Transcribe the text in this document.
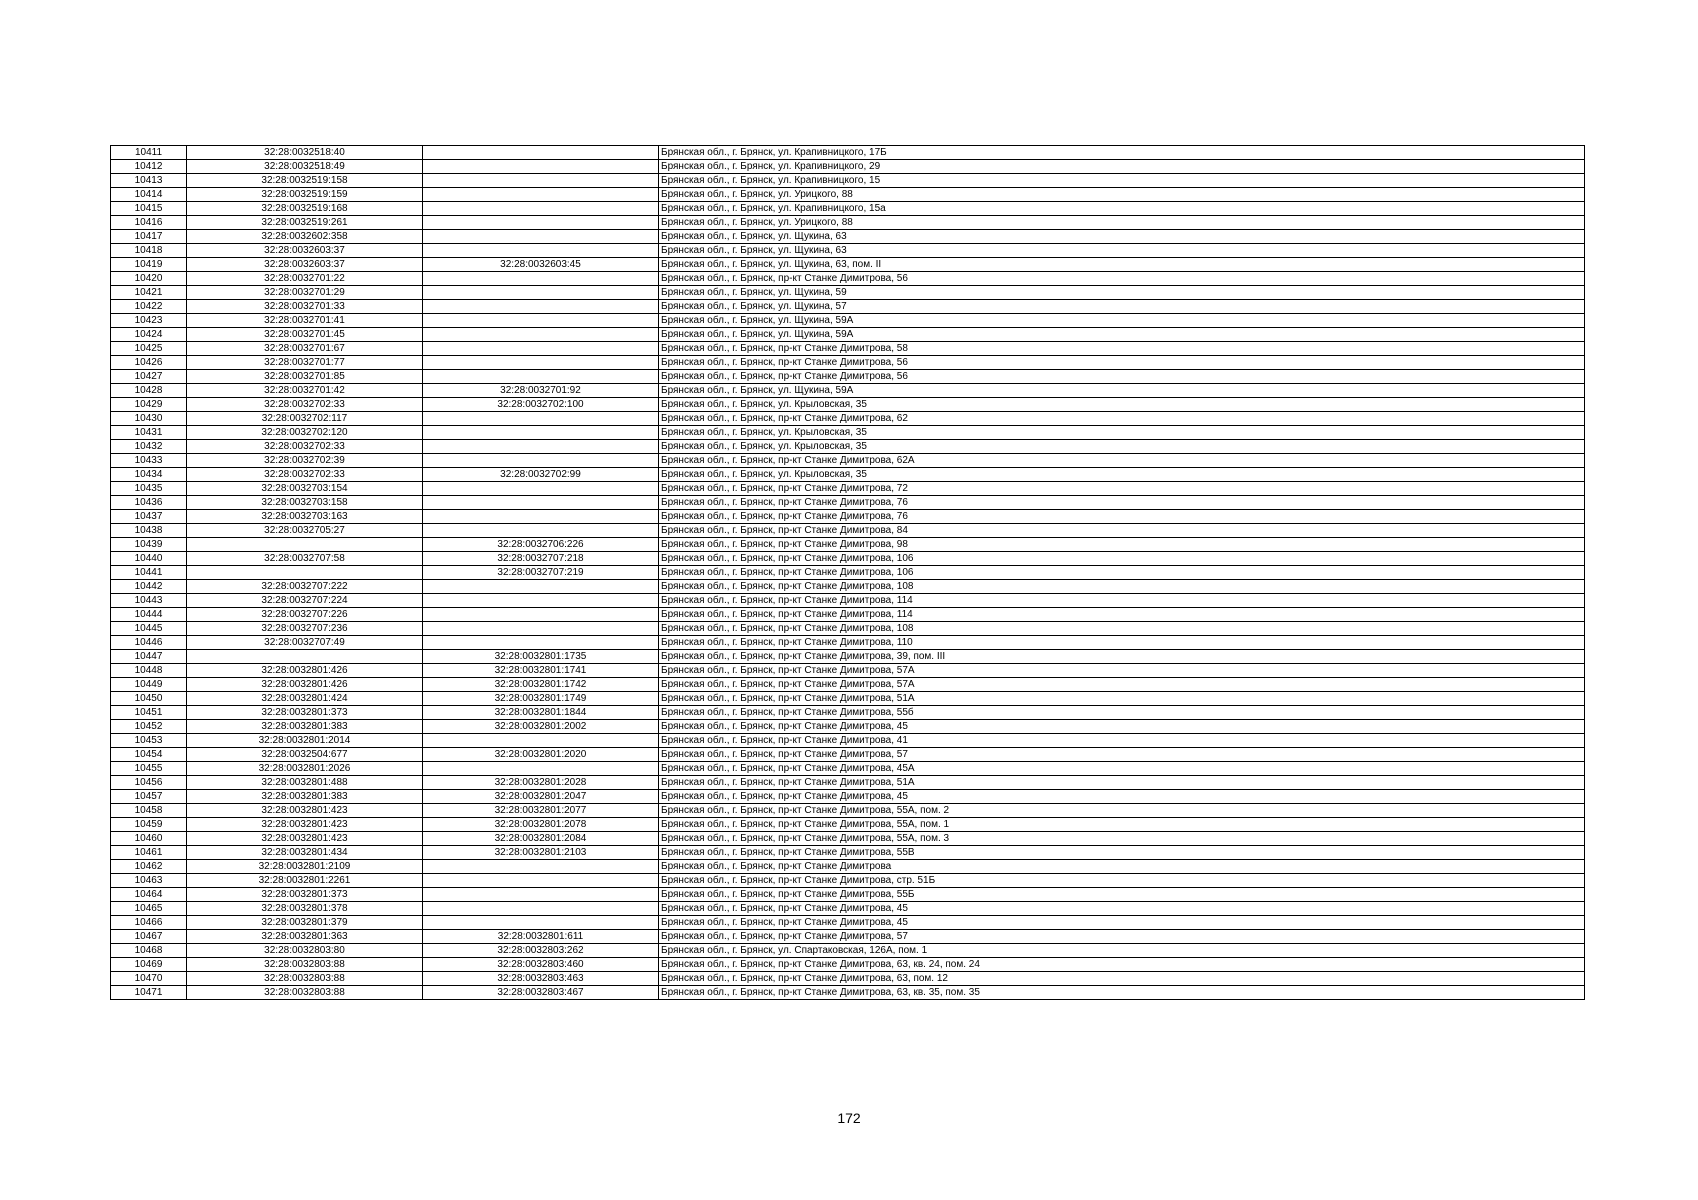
10411	32:28:0032518:40		Брянская обл., г. Брянск, ул. Крапивницкого, 17Б
10412	32:28:0032518:49		Брянская обл., г. Брянск, ул. Крапивницкого, 29
10413	32:28:0032519:158		Брянская обл., г. Брянск, ул. Крапивницкого, 15
10414	32:28:0032519:159		Брянская обл., г. Брянск, ул. Урицкого, 88
10415	32:28:0032519:168		Брянская обл., г. Брянск, ул. Крапивницкого, 15а
10416	32:28:0032519:261		Брянская обл., г. Брянск, ул. Урицкого, 88
10417	32:28:0032602:358		Брянская обл., г. Брянск, ул. Щукина, 63
10418	32:28:0032603:37		Брянская обл., г. Брянск, ул. Щукина, 63
10419	32:28:0032603:37	32:28:0032603:45	Брянская обл., г. Брянск, ул. Щукина, 63, пом. II
10420	32:28:0032701:22		Брянская обл., г. Брянск, пр-кт Станке Димитрова, 56
10421	32:28:0032701:29		Брянская обл., г. Брянск, ул. Щукина, 59
10422	32:28:0032701:33		Брянская обл., г. Брянск, ул. Щукина, 57
10423	32:28:0032701:41		Брянская обл., г. Брянск, ул. Щукина, 59А
10424	32:28:0032701:45		Брянская обл., г. Брянск, ул. Щукина, 59А
10425	32:28:0032701:67		Брянская обл., г. Брянск, пр-кт Станке Димитрова, 58
10426	32:28:0032701:77		Брянская обл., г. Брянск, пр-кт Станке Димитрова, 56
10427	32:28:0032701:85		Брянская обл., г. Брянск, пр-кт Станке Димитрова, 56
10428	32:28:0032701:42	32:28:0032701:92	Брянская обл., г. Брянск, ул. Щукина, 59А
10429	32:28:0032702:33	32:28:0032702:100	Брянская обл., г. Брянск, ул. Крыловская, 35
10430	32:28:0032702:117		Брянская обл., г. Брянск, пр-кт Станке Димитрова, 62
10431	32:28:0032702:120		Брянская обл., г. Брянск, ул. Крыловская, 35
10432	32:28:0032702:33		Брянская обл., г. Брянск, ул. Крыловская, 35
10433	32:28:0032702:39		Брянская обл., г. Брянск, пр-кт Станке Димитрова, 62А
10434	32:28:0032702:33	32:28:0032702:99	Брянская обл., г. Брянск, ул. Крыловская, 35
10435	32:28:0032703:154		Брянская обл., г. Брянск, пр-кт Станке Димитрова, 72
10436	32:28:0032703:158		Брянская обл., г. Брянск, пр-кт Станке Димитрова, 76
10437	32:28:0032703:163		Брянская обл., г. Брянск, пр-кт Станке Димитрова, 76
10438	32:28:0032705:27		Брянская обл., г. Брянск, пр-кт Станке Димитрова, 84
10439		32:28:0032706:226	Брянская обл., г. Брянск, пр-кт Станке Димитрова, 98
10440	32:28:0032707:58	32:28:0032707:218	Брянская обл., г. Брянск, пр-кт Станке Димитрова, 106
10441		32:28:0032707:219	Брянская обл., г. Брянск, пр-кт Станке Димитрова, 106
10442	32:28:0032707:222		Брянская обл., г. Брянск, пр-кт Станке Димитрова, 108
10443	32:28:0032707:224		Брянская обл., г. Брянск, пр-кт Станке Димитрова, 114
10444	32:28:0032707:226		Брянская обл., г. Брянск, пр-кт Станке Димитрова, 114
10445	32:28:0032707:236		Брянская обл., г. Брянск, пр-кт Станке Димитрова, 108
10446	32:28:0032707:49		Брянская обл., г. Брянск, пр-кт Станке Димитрова, 110
10447		32:28:0032801:1735	Брянская обл., г. Брянск, пр-кт Станке Димитрова, 39, пом. III
10448	32:28:0032801:426	32:28:0032801:1741	Брянская обл., г. Брянск, пр-кт Станке Димитрова, 57А
10449	32:28:0032801:426	32:28:0032801:1742	Брянская обл., г. Брянск, пр-кт Станке Димитрова, 57А
10450	32:28:0032801:424	32:28:0032801:1749	Брянская обл., г. Брянск, пр-кт Станке Димитрова, 51А
10451	32:28:0032801:373	32:28:0032801:1844	Брянская обл., г. Брянск, пр-кт Станке Димитрова, 55б
10452	32:28:0032801:383	32:28:0032801:2002	Брянская обл., г. Брянск, пр-кт Станке Димитрова, 45
10453	32:28:0032801:2014		Брянская обл., г. Брянск, пр-кт Станке Димитрова, 41
10454	32:28:0032504:677	32:28:0032801:2020	Брянская обл., г. Брянск, пр-кт Станке Димитрова, 57
10455	32:28:0032801:2026		Брянская обл., г. Брянск, пр-кт Станке Димитрова, 45А
10456	32:28:0032801:488	32:28:0032801:2028	Брянская обл., г. Брянск, пр-кт Станке Димитрова, 51А
10457	32:28:0032801:383	32:28:0032801:2047	Брянская обл., г. Брянск, пр-кт Станке Димитрова, 45
10458	32:28:0032801:423	32:28:0032801:2077	Брянская обл., г. Брянск, пр-кт Станке Димитрова, 55А, пом. 2
10459	32:28:0032801:423	32:28:0032801:2078	Брянская обл., г. Брянск, пр-кт Станке Димитрова, 55А, пом. 1
10460	32:28:0032801:423	32:28:0032801:2084	Брянская обл., г. Брянск, пр-кт Станке Димитрова, 55А, пом. 3
10461	32:28:0032801:434	32:28:0032801:2103	Брянская обл., г. Брянск, пр-кт Станке Димитрова, 55В
10462	32:28:0032801:2109		Брянская обл., г. Брянск, пр-кт Станке Димитрова
10463	32:28:0032801:2261		Брянская обл., г. Брянск, пр-кт Станке Димитрова, стр. 51Б
10464	32:28:0032801:373		Брянская обл., г. Брянск, пр-кт Станке Димитрова, 55Б
10465	32:28:0032801:378		Брянская обл., г. Брянск, пр-кт Станке Димитрова, 45
10466	32:28:0032801:379		Брянская обл., г. Брянск, пр-кт Станке Димитрова, 45
10467	32:28:0032801:363	32:28:0032801:611	Брянская обл., г. Брянск, пр-кт Станке Димитрова, 57
10468	32:28:0032803:80	32:28:0032803:262	Брянская обл., г. Брянск, ул. Спартаковская, 126А, пом. 1
10469	32:28:0032803:88	32:28:0032803:460	Брянская обл., г. Брянск, пр-кт Станке Димитрова, 63, кв. 24, пом. 24
10470	32:28:0032803:88	32:28:0032803:463	Брянская обл., г. Брянск, пр-кт Станке Димитрова, 63, пом. 12
10471	32:28:0032803:88	32:28:0032803:467	Брянская обл., г. Брянск, пр-кт Станке Димитрова, 63, кв. 35, пом. 35
172
